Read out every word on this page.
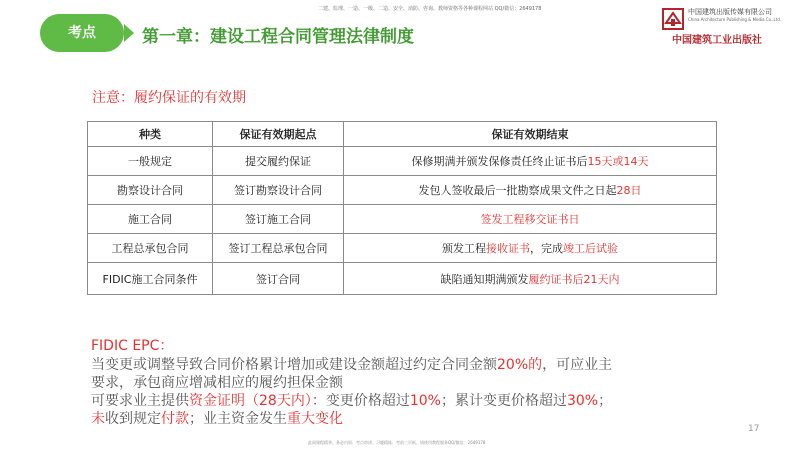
考点	第一章：建设工程合同管理法律制度
二建、监理、一造、一级、二造、安全、消防、咨询、教师资格等各种课程网站 QQ/微信：2649178	中国建筑出版传媒有限公司
China Architecture Publishing & Media Co.,Ltd.
中国建筑工业出版社
注意：履约保证的有效期
种类	保证有效期起点	保证有效期结束
一般规定	提交履约保证	保修期满并颁发保修责任终止证书后15天或14天
勘察设计合同	签订勘察设计合同	发包人签收最后一批勘察成果文件之日起28日
施工合同	签订施工合同	签发工程移交证书日
工程总承包合同	签订工程总承包合同	颁发工程接收证书，完成竣工后试验
FIDIC施工合同条件	签订合同	缺陷通知期满颁发履约证书后21天内
FIDIC EPC：
当变更或调整导致合同价格累计增加或建设金额超过约定合同金额20%的，可应业主
要求，承包商应增减相应的履约担保金额
可要求业主提供资金证明（28天内）：变更价格超过10%；累计变更价格超过30%；
未收到规定付款；业主资金发生重大变化
17
此网课程精华，务必内训、考点串讲、习题精练、考前三页纸、请使用教程服务QQ/微信：2649178
